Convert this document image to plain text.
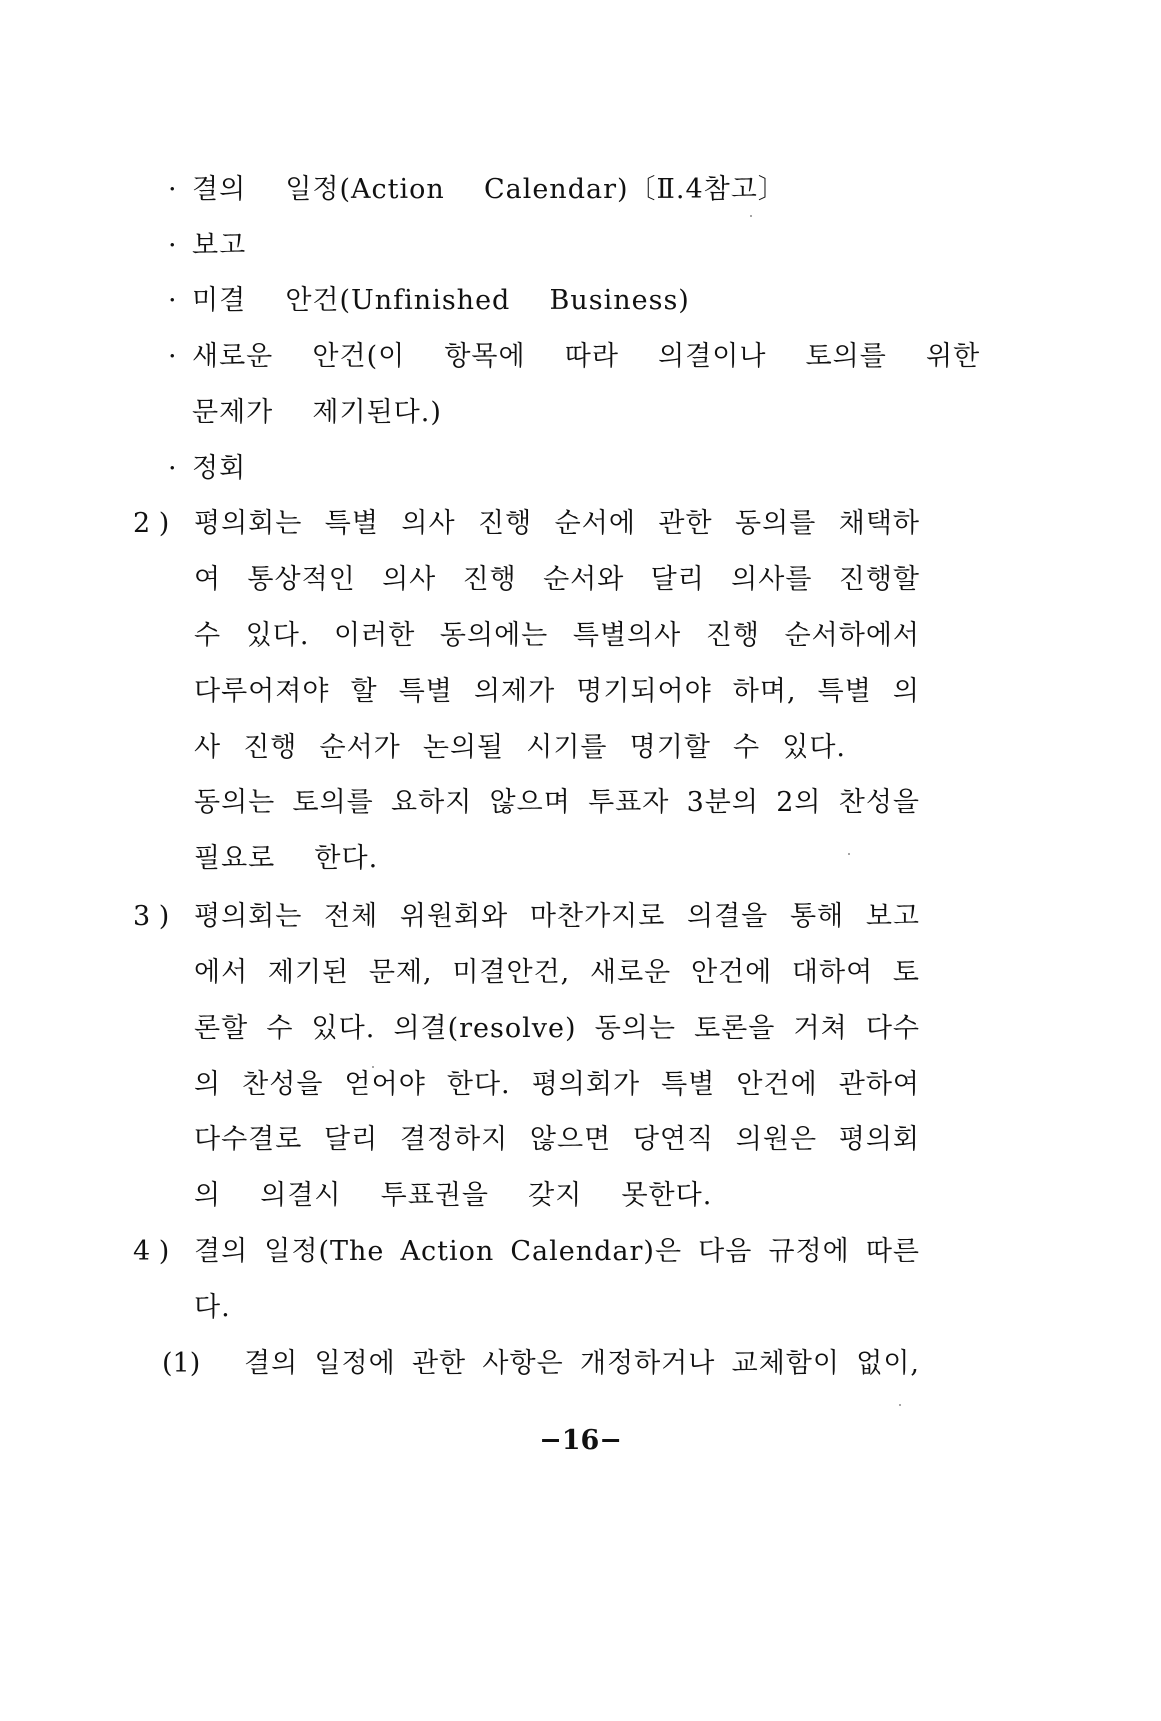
· 결의  일정(Action  Calendar)〔Ⅱ.4참고〕
· 보고
· 미결  안건(Unfinished  Business)
· 새로운  안건(이  항목에  따라  의결이나  토의를  위한
문제가  제기된다.)
· 정회
2 ) 평의회는 특별 의사 진행 순서에 관한 동의를 채택하
여 통상적인 의사 진행 순서와 달리 의사를 진행할
수 있다. 이러한 동의에는 특별의사 진행 순서하에서
다루어져야 할 특별 의제가 명기되어야 하며, 특별 의
사 진행 순서가 논의될 시기를 명기할 수 있다.
동의는 토의를 요하지 않으며 투표자 3분의 2의 찬성을
필요로  한다.
3 ) 평의회는 전체 위원회와 마찬가지로 의결을 통해 보고
에서 제기된 문제, 미결안건, 새로운 안건에 대하여 토
론할 수 있다. 의결(resolve) 동의는 토론을 거쳐 다수
의 찬성을 얻어야 한다. 평의회가 특별 안건에 관하여
다수결로 달리 결정하지 않으면 당연직 의원은 평의회
의  의결시  투표권을  갖지  못한다.
4 ) 결의 일정(The Action Calendar)은 다음 규정에 따른
다.
(1) 결의 일정에 관한 사항은 개정하거나 교체함이 없이,
−16−
